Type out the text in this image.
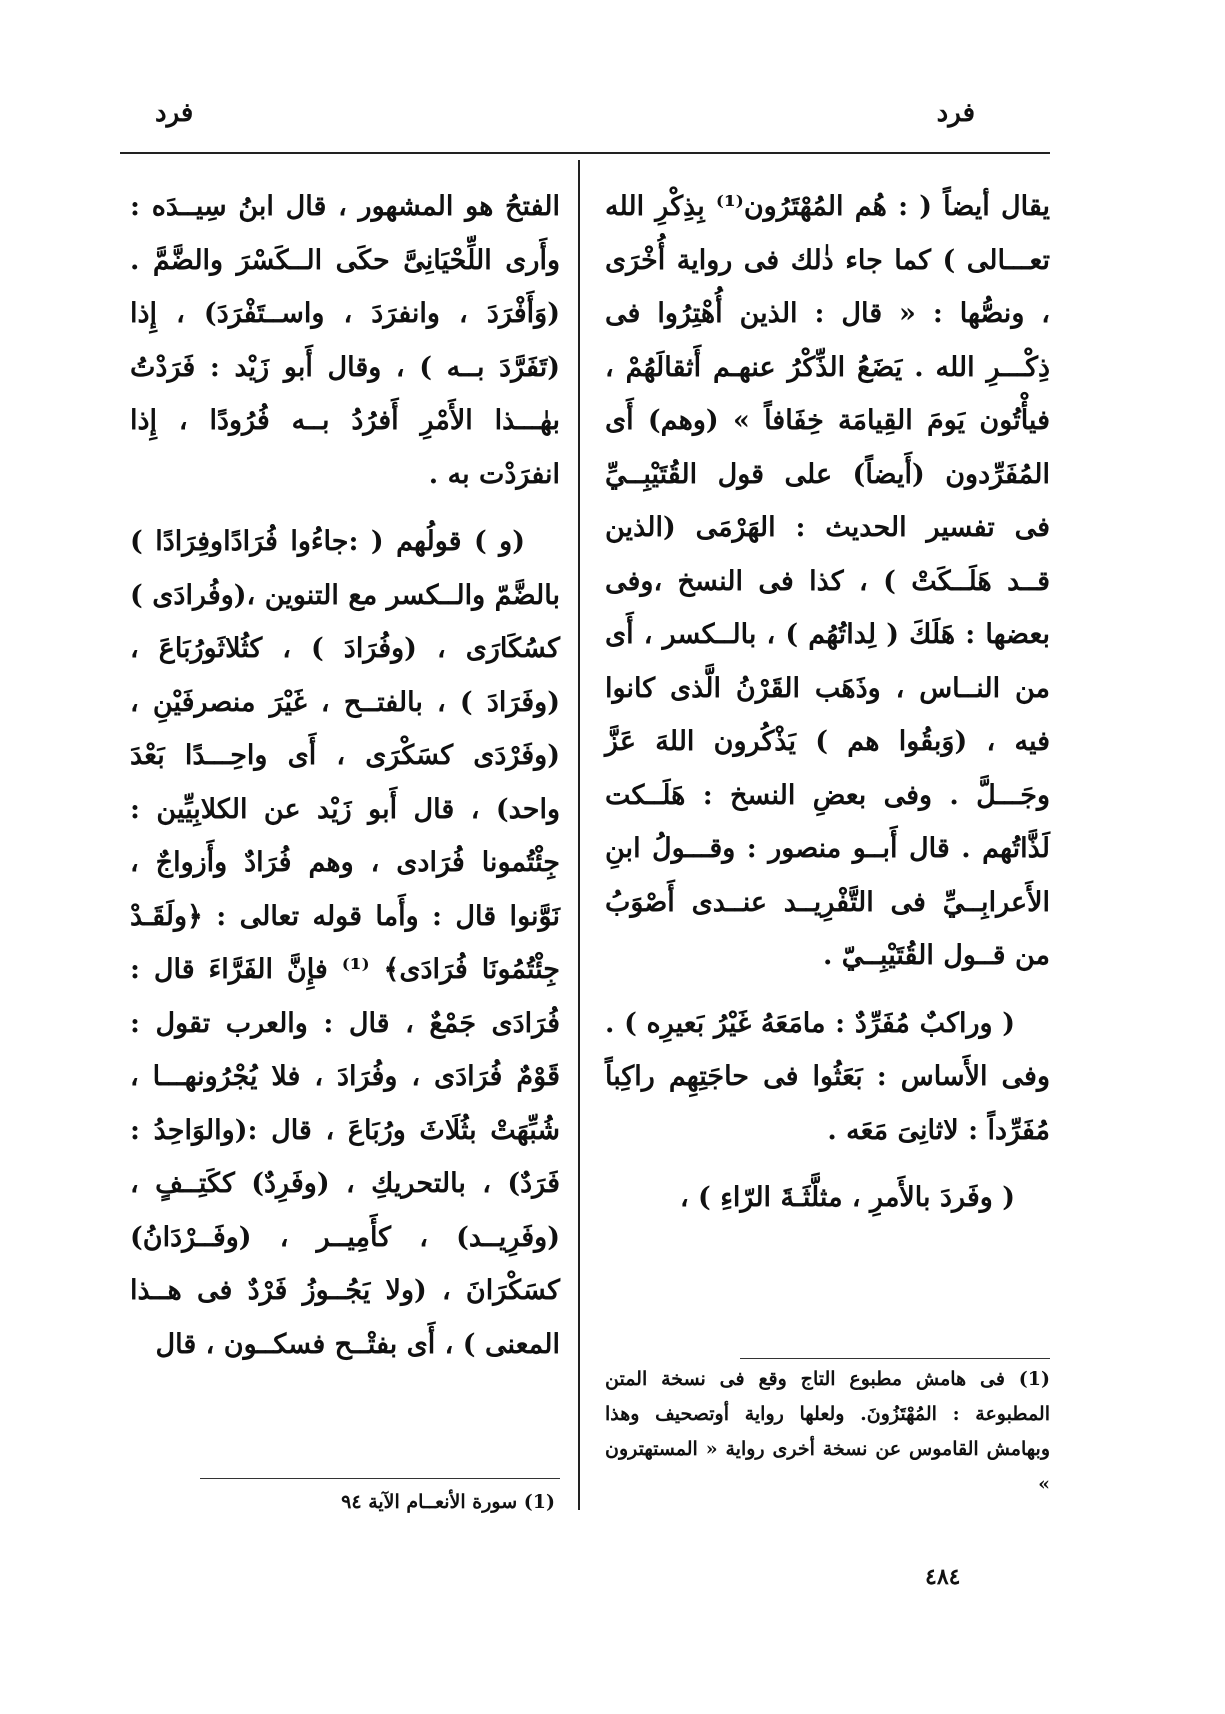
فرد
فرد

يقال أيضاً ( : هُم المُهْتَرُون⁽¹⁾ بِذِكْرِ الله تعـــالى ) كما جاء ذٰلك فى رواية أُخْرَى ، ونصُّها : « قال : الذين أُهْتِرُوا فى ذِكْـــرِ الله . يَضَعُ الذِّكْرُ عنهـم أَثقالَهُمْ ، فيأْتُون يَومَ القِيامَة خِفَافاً » (وهم) أَى المُفَرِّدون (أَيضاً) على قول القُتَيْبِــيِّ فى تفسير الحديث : الهَرْمَى (الذين قــد هَلَــكَتْ ) ، كذا فى النسخ ،وفى بعضها : هَلَكَ ( لِداتُهُم ) ، بالــكسر ، أَى من النــاس ، وذَهَب القَرْنُ الَّذى كانوا فيه ، (وَبقُوا هم ) يَذْكُرون اللهَ عَزَّ وجَـــلَّ . وفى بعضِ النسخ : هَلَــكت لَذَّاتُهم . قال أَبــو منصور : وقـــولُ ابنِ الأَعرابِــيِّ فى التَّفْرِيــد عنــدى أَصْوَبُ من قــول القُتَيْبِــيّ .

( وراكبٌ مُفَرِّدٌ : مامَعَهُ غَيْرُ بَعيرِه ) . وفى الأَساس : بَعَثُوا فى حاجَتِهِم راكِباً مُفَرِّداً : لاثانِىَ مَعَه .

( وفَردَ بالأَمرِ ، مثلَّثَـةَ الرّاءِ ) ،

الفتحُ هو المشهور ، قال ابنُ سِيــدَه : وأَرى اللِّحْيَانِىَّ حكَى الــكَسْرَ والضَّمَّ . (وَأَفْرَدَ ، وانفرَدَ ، واســتَفْرَدَ) ، إِذا (تَفَرَّدَ بــه ) ، وقال أَبو زَيْد : فَرَدْتُ بهٰـــذا الأَمْرِ أَفرُدُ بــه فُرُودًا ، إِذا انفرَدْت به .

(و ) قولُهم ( :جاءُوا فُرَادًاوفِرَادًا ) بالضَّمّ والــكسر مع التنوين ،(وفُرادَى ) كسُكَارَى ، (وفُرَادَ ) ، كثُلاثَورُبَاعَ ، (وفَرَادَ ) ، بالفتــح ، غَيْرَ منصرفَيْنِ ، (وفَرْدَى كسَكْرَى ، أَى واحِـــدًا بَعْدَ واحد) ، قال أَبو زَيْد عن الكلابِيِّين : جِئْتُمونا فُرَادى ، وهم فُرَادٌ وأَزواجٌ ، نَوَّنوا قال : وأَما قوله تعالى : ﴿ولَقَـدْ جِئْتُمُونَا فُرَادَى﴾ ⁽¹⁾ فإِنَّ الفَرَّاءَ قال : فُرَادَى جَمْعٌ ، قال : والعرب تقول : قَوْمٌ فُرَادَى ، وفُرَادَ ، فلا يُجْرُونهـــا ، شُبِّهَتْ بثُلَاثَ ورُبَاعَ ، قال :(والوَاحِدُ : فَرَدٌ) ، بالتحريكِ ، (وفَرِدٌ) ككَتِــفٍ ، (وفَرِيــد) ، كأَمِيــر ، (وفَــرْدَانُ) كسَكْرَانَ ، (ولا يَجُــوزُ فَرْدٌ فى هــذا المعنى ) ، أَى بفتْــح فسكــون ، قال

(1) فى هامش مطبوع التاج وقع فى نسخة المتن المطبوعة : المُهْتَزُونَ. ولعلها رواية أوتصحيف وهذا وبهامش القاموس عن نسخة أخرى رواية « المستهترون »
(1) سورة الأنعــام الآية ٩٤
٤٨٤
